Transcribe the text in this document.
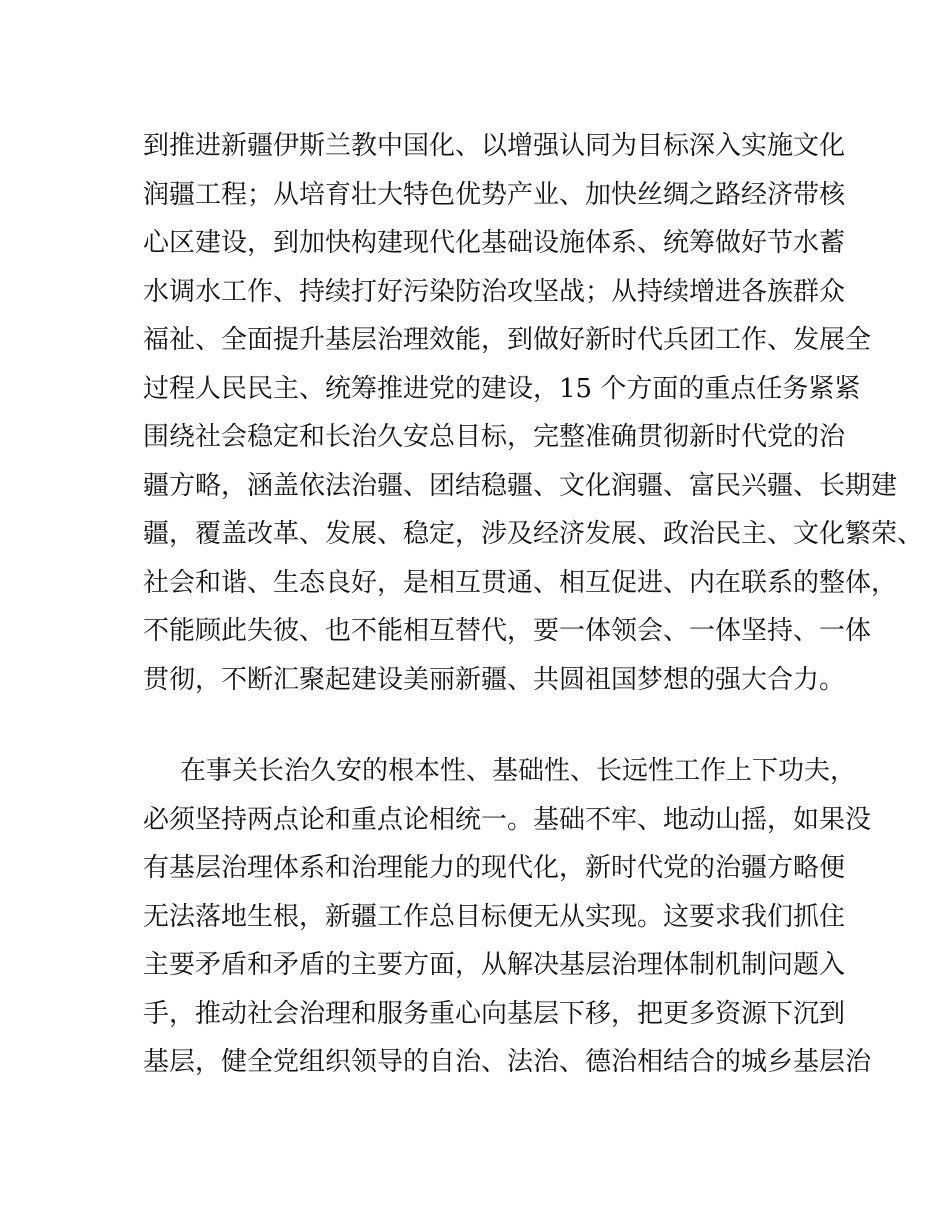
到推进新疆伊斯兰教中国化、以增强认同为目标深入实施文化
润疆工程；从培育壮大特色优势产业、加快丝绸之路经济带核
心区建设，到加快构建现代化基础设施体系、统筹做好节水蓄
水调水工作、持续打好污染防治攻坚战；从持续增进各族群众
福祉、全面提升基层治理效能，到做好新时代兵团工作、发展全
过程人民民主、统筹推进党的建设，15 个方面的重点任务紧紧
围绕社会稳定和长治久安总目标，完整准确贯彻新时代党的治
疆方略，涵盖依法治疆、团结稳疆、文化润疆、富民兴疆、长期建
疆，覆盖改革、发展、稳定，涉及经济发展、政治民主、文化繁荣、
社会和谐、生态良好，是相互贯通、相互促进、内在联系的整体，
不能顾此失彼、也不能相互替代，要一体领会、一体坚持、一体
贯彻，不断汇聚起建设美丽新疆、共圆祖国梦想的强大合力。
在事关长治久安的根本性、基础性、长远性工作上下功夫，
必须坚持两点论和重点论相统一。基础不牢、地动山摇，如果没
有基层治理体系和治理能力的现代化，新时代党的治疆方略便
无法落地生根，新疆工作总目标便无从实现。这要求我们抓住
主要矛盾和矛盾的主要方面，从解决基层治理体制机制问题入
手，推动社会治理和服务重心向基层下移，把更多资源下沉到
基层，健全党组织领导的自治、法治、德治相结合的城乡基层治
